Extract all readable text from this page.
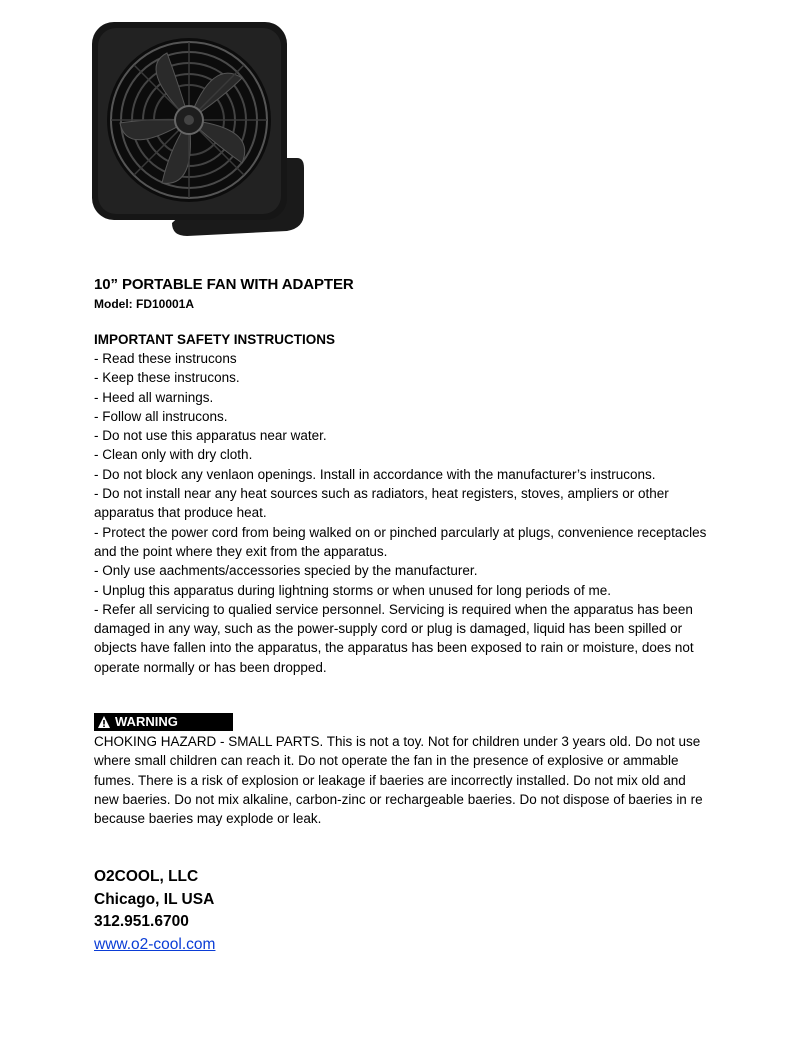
10” PORTABLE FAN WITH ADAPTER
Model: FD10001A
IMPORTANT SAFETY INSTRUCTIONS
- Read these instrucons
- Keep these instrucons.
- Heed all warnings.
- Follow all instrucons.
- Do not use this apparatus near water.
- Clean only with dry cloth.
- Do not block any venlaon openings. Install in accordance with the manufacturer’s instrucons.
- Do not install near any heat sources such as radiators, heat registers, stoves, ampliers or other apparatus that produce heat.
- Protect the power cord from being walked on or pinched parcularly at plugs, convenience receptacles and the point where they exit from the apparatus.
- Only use aachments/accessories specied by the manufacturer.
- Unplug this apparatus during lightning storms or when unused for long periods of me.
- Refer all servicing to qualied service personnel. Servicing is required when the apparatus has been damaged in any way, such as the power-supply cord or plug is damaged, liquid has been spilled or objects have fallen into the apparatus, the apparatus has been exposed to rain or moisture, does not operate normally or has been dropped.
WARNING
CHOKING HAZARD - SMALL PARTS. This is not a toy. Not for children under 3 years old. Do not use where small children can reach it. Do not operate the fan in the presence of explosive or ammable fumes. There is a risk of explosion or leakage if baeries are incorrectly installed. Do not mix old and new baeries. Do not mix alkaline, carbon-zinc or rechargeable baeries. Do not dispose of baeries in re because baeries may explode or leak.
O2COOL, LLC
Chicago, IL USA
312.951.6700
www.o2-cool.com
